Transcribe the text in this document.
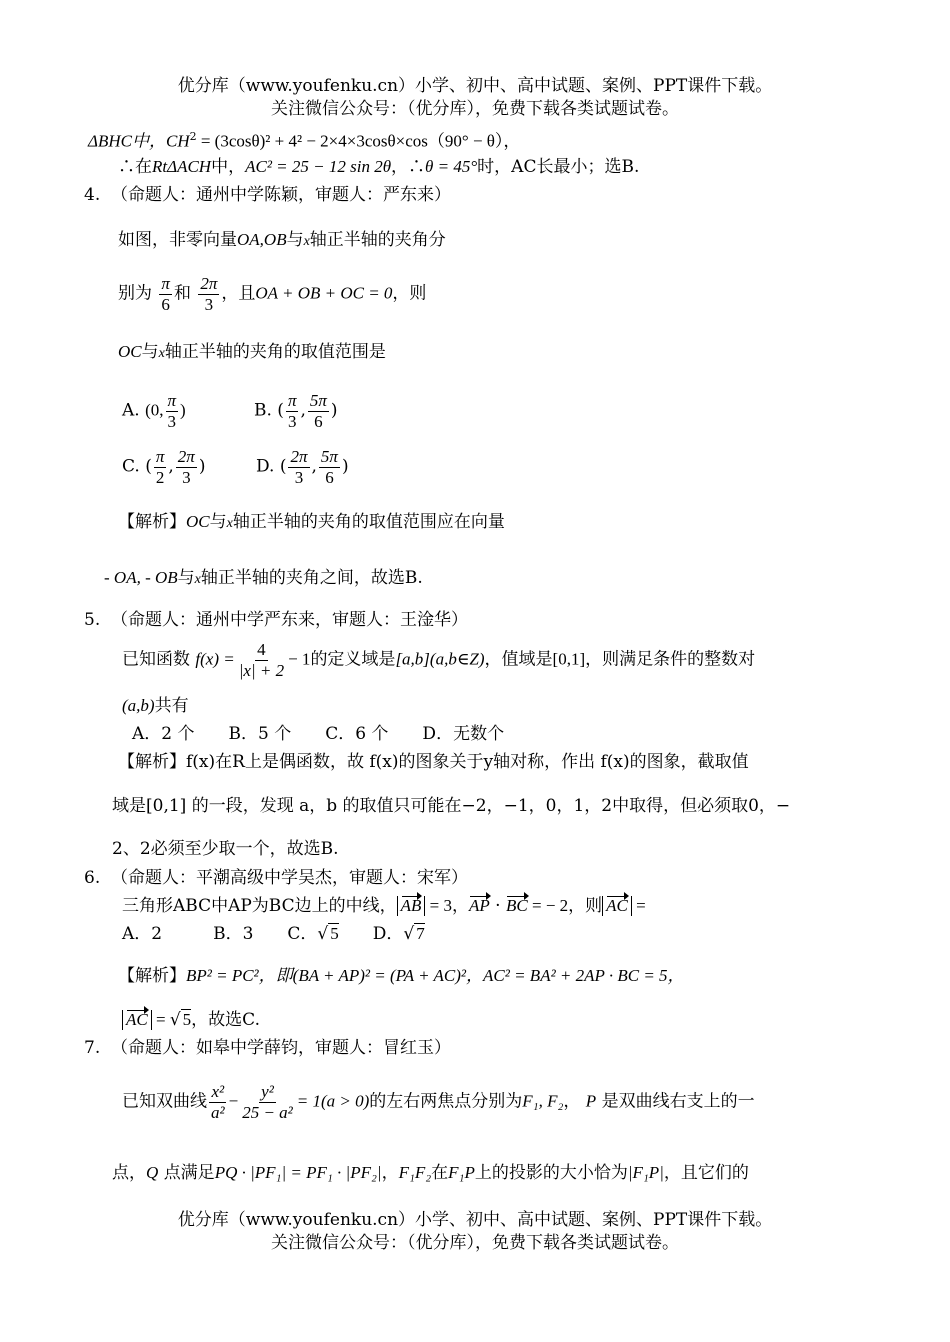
优分库（www.youfenku.cn）小学、初中、高中试题、案例、PPT课件下载。
关注微信公众号：（优分库），免费下载各类试题试卷。
ΔBHC中，$CH^2 = (3\cos\theta)^2 + 4^2 - 2\times 4\times 3\cos\theta\times\cos(90^\circ - \theta)$，
∴在RtΔACH中，AC² = 25 − 12 sin 2θ，∴θ = 45°时，AC长最小；选B.
4. （命题人：通州中学陈颖，审题人：严东来）
如图，非零向量OA,OB与x轴正半轴的夹角分
别为 $\frac{\pi}{6}$ 和 $\frac{2\pi}{3}$ ，且OA + OB + OC = 0，则
OC与x轴正半轴的夹角的取值范围是
A. (0, $\frac{\pi}{3}$ )	B. ( $\frac{\pi}{3}$ , $\frac{5\pi}{6}$ )
C. ( $\frac{\pi}{2}$ , $\frac{2\pi}{3}$ )	D. ( $\frac{2\pi}{3}$ , $\frac{5\pi}{6}$ )
【解析】OC与x轴正半轴的夹角的取值范围应在向量
- OA, - OB与x轴正半轴的夹角之间，故选B.
5. （命题人：通州中学严东来，审题人：王淦华）
已知函数 $f(x) = \frac{4}{|x| + 2} - 1$的定义域是[a,b](a,b∈Z)，值域是[0,1]，则满足条件的整数对
(a,b)共有
A．2 个　　B．5 个　　C．6 个　　D．无数个
【解析】f(x)在R上是偶函数，故 f(x)的图象关于y轴对称，作出 f(x)的图象，截取值
域是[0,1] 的一段，发现 a，b 的取值只可能在−2，−1，0，1，2中取得，但必须取0，−
2、2必须至少取一个，故选B.
6. （命题人：平潮高级中学吴杰，审题人：宋军）
三角形ABC中AP为BC边上的中线， AB = 3，AP · BC = − 2，则 AC =
A．2　　　B．3　　C．√ 5　　D．√ 7
【解析】BP² = PC²，即(BA + AP)² = (PA + AC)²，AC² = BA² + 2AP · BC = 5，
AC = √ 5，故选C.
7. （命题人：如皋中学薛钧，审题人：冒红玉）
已知双曲线 $\frac{\text{x²}}{\text{a²}} - \frac{\text{y²}}{\text{25 − a²}} = 1(a > 0)$的左右两焦点分别为F₁, F₂， P 是双曲线右支上的一
点，Q 点满足PQ · |PF₁| = PF₁ · |PF₂|，F₁F₂在F₁P上的投影的大小恰为|F₁P|，且它们的
优分库（www.youfenku.cn）小学、初中、高中试题、案例、PPT课件下载。
关注微信公众号：（优分库），免费下载各类试题试卷。
